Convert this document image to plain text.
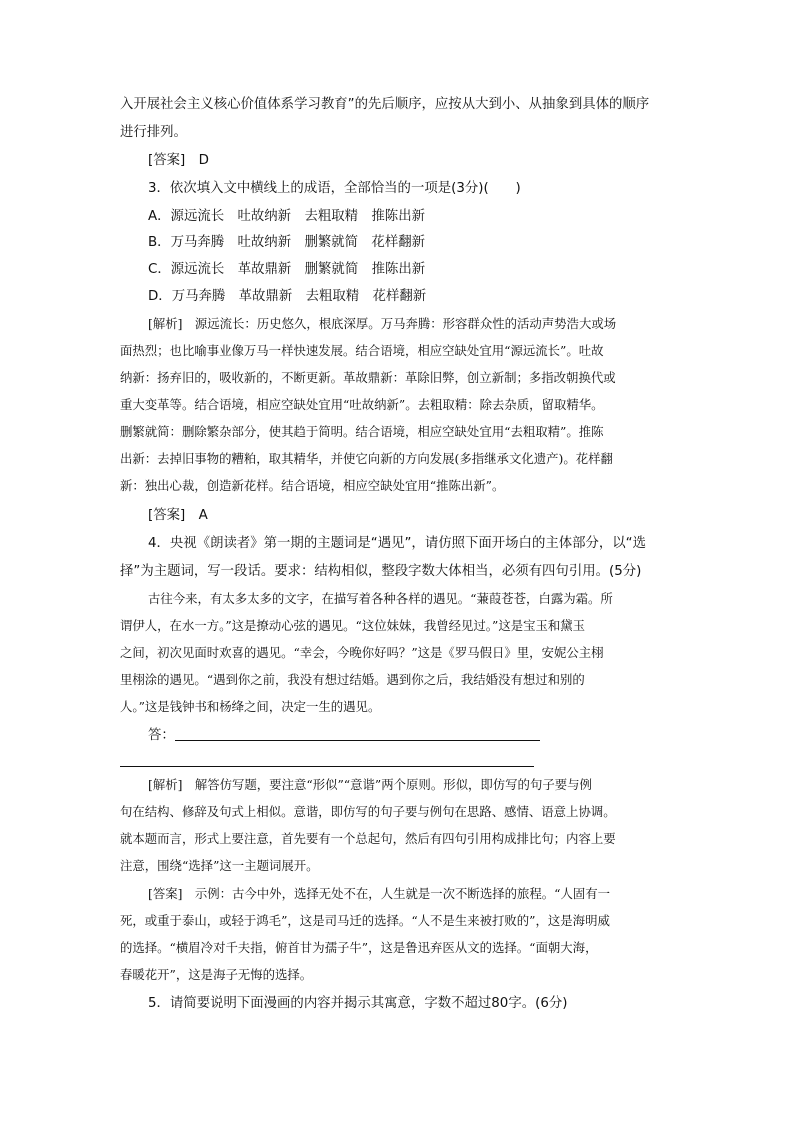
入开展社会主义核心价值体系学习教育”的先后顺序，应按从大到小、从抽象到具体的顺序
进行排列。
[答案]　D
3．依次填入文中横线上的成语，全部恰当的一项是(3分)(　　)
A．源远流长　吐故纳新　去粗取精　推陈出新
B．万马奔腾　吐故纳新　删繁就简　花样翻新
C．源远流长　革故鼎新　删繁就简　推陈出新
D．万马奔腾　革故鼎新　去粗取精　花样翻新
[解析]　源远流长：历史悠久，根底深厚。万马奔腾：形容群众性的活动声势浩大或场
面热烈；也比喻事业像万马一样快速发展。结合语境，相应空缺处宜用“源远流长”。吐故
纳新：扬弃旧的，吸收新的，不断更新。革故鼎新：革除旧弊，创立新制；多指改朝换代或
重大变革等。结合语境，相应空缺处宜用“吐故纳新”。去粗取精：除去杂质，留取精华。
删繁就简：删除繁杂部分，使其趋于简明。结合语境，相应空缺处宜用“去粗取精”。推陈
出新：去掉旧事物的糟粕，取其精华，并使它向新的方向发展(多指继承文化遗产)。花样翻
新：独出心裁，创造新花样。结合语境，相应空缺处宜用“推陈出新”。
[答案]　A
4．央视《朗读者》第一期的主题词是“遇见”，请仿照下面开场白的主体部分，以“选
择”为主题词，写一段话。要求：结构相似，整段字数大体相当，必须有四句引用。(5分)
古往今来，有太多太多的文字，在描写着各种各样的遇见。“蒹葭苍苍，白露为霜。所
谓伊人，在水一方。”这是撩动心弦的遇见。“这位妹妹，我曾经见过。”这是宝玉和黛玉
之间，初次见面时欢喜的遇见。“幸会，今晚你好吗？”这是《罗马假日》里，安妮公主栩
里栩涂的遇见。“遇到你之前，我没有想过结婚。遇到你之后，我结婚没有想过和别的
人。”这是钱钟书和杨绛之间，决定一生的遇见。
答：
[解析]　解答仿写题，要注意“形似”“意谐”两个原则。形似，即仿写的句子要与例
句在结构、修辞及句式上相似。意谐，即仿写的句子要与例句在思路、感情、语意上协调。
就本题而言，形式上要注意，首先要有一个总起句，然后有四句引用构成排比句；内容上要
注意，围绕“选择”这一主题词展开。
[答案]　示例：古今中外，选择无处不在，人生就是一次不断选择的旅程。“人固有一
死，或重于泰山，或轻于鸿毛”，这是司马迁的选择。“人不是生来被打败的”，这是海明威
的选择。“横眉冷对千夫指，俯首甘为孺子牛”，这是鲁迅弃医从文的选择。“面朝大海，
春暖花开”，这是海子无悔的选择。
5．请简要说明下面漫画的内容并揭示其寓意，字数不超过80字。(6分)
